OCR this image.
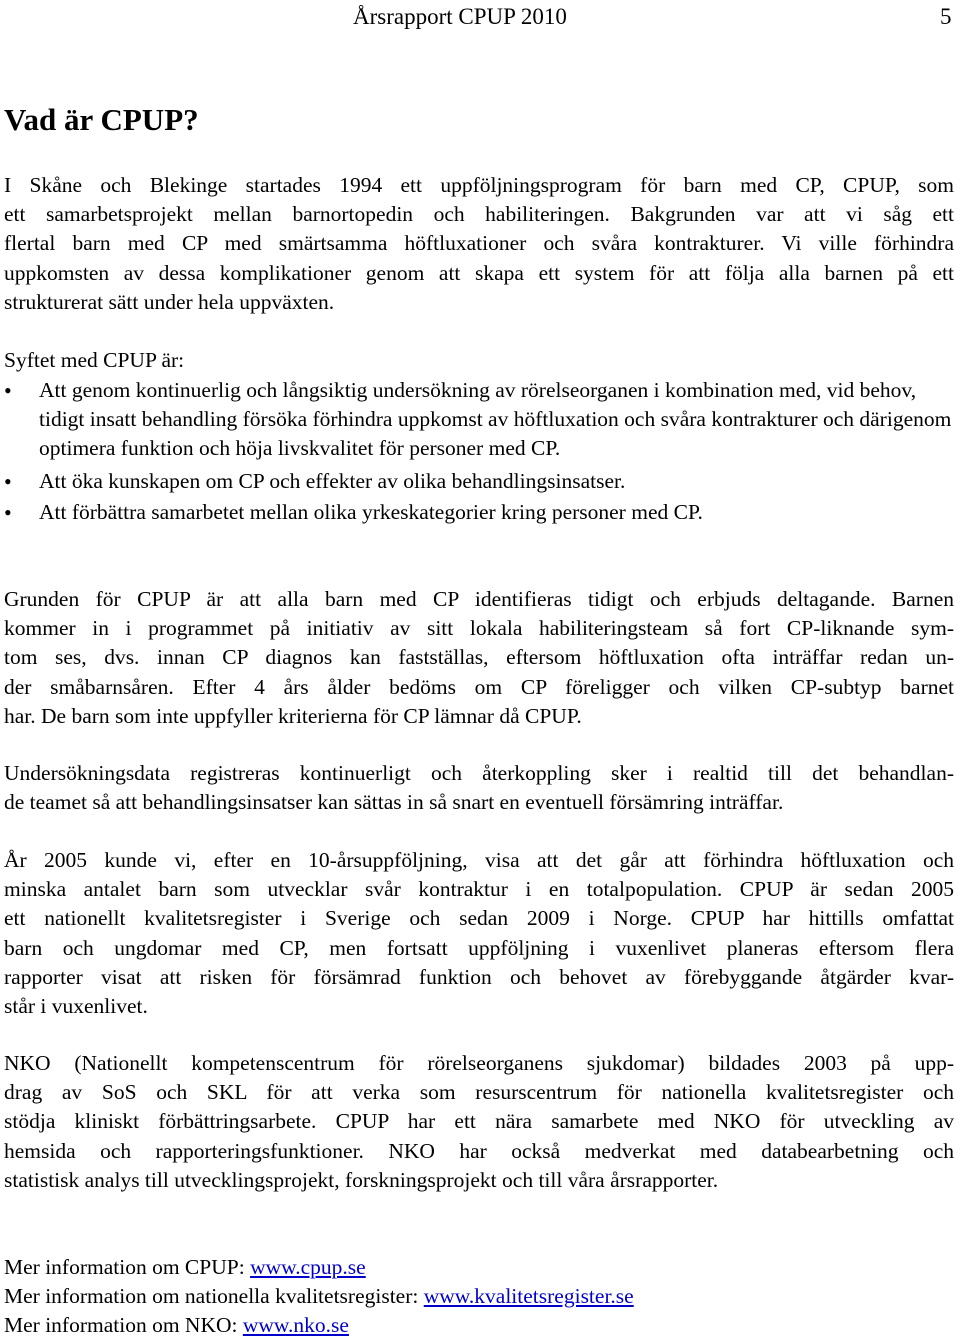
Årsrapport CPUP 2010	5
Vad är CPUP?
I Skåne och Blekinge startades 1994 ett uppföljningsprogram för barn med CP, CPUP, som
ett samarbetsprojekt mellan barnortopedin och habiliteringen. Bakgrunden var att vi såg ett
flertal barn med CP med smärtsamma höftluxationer och svåra kontrakturer. Vi ville förhindra
uppkomsten av dessa komplikationer genom att skapa ett system för att följa alla barnen på ett
strukturerat sätt under hela uppväxten.
Syftet med CPUP är:
• Att genom kontinuerlig och långsiktig undersökning av rörelseorganen i kombination med, vid behov, tidigt insatt behandling försöka förhindra uppkomst av höftluxation och svåra kontrakturer och därigenom optimera funktion och höja livskvalitet för personer med CP.
• Att öka kunskapen om CP och effekter av olika behandlingsinsatser.
• Att förbättra samarbetet mellan olika yrkeskategorier kring personer med CP.
Grunden för CPUP är att alla barn med CP identifieras tidigt och erbjuds deltagande. Barnen
kommer in i programmet på initiativ av sitt lokala habiliteringsteam så fort CP-liknande sym-
tom ses, dvs. innan CP diagnos kan fastställas, eftersom höftluxation ofta inträffar redan un-
der småbarnsåren. Efter 4 års ålder bedöms om CP föreligger och vilken CP-subtyp barnet
har. De barn som inte uppfyller kriterierna för CP lämnar då CPUP.
Undersökningsdata registreras kontinuerligt och återkoppling sker i realtid till det behandlan-
de teamet så att behandlingsinsatser kan sättas in så snart en eventuell försämring inträffar.
År 2005 kunde vi, efter en 10-årsuppföljning, visa att det går att förhindra höftluxation och
minska antalet barn som utvecklar svår kontraktur i en totalpopulation. CPUP är sedan 2005
ett nationellt kvalitetsregister i Sverige och sedan 2009 i Norge. CPUP har hittills omfattat
barn och ungdomar med CP, men fortsatt uppföljning i vuxenlivet planeras eftersom flera
rapporter visat att risken för försämrad funktion och behovet av förebyggande åtgärder kvar-
står i vuxenlivet.
NKO (Nationellt kompetenscentrum för rörelseorganens sjukdomar) bildades 2003 på upp-
drag av SoS och SKL för att verka som resurscentrum för nationella kvalitetsregister och
stödja kliniskt förbättringsarbete. CPUP har ett nära samarbete med NKO för utveckling av
hemsida och rapporteringsfunktioner. NKO har också medverkat med databearbetning och
statistisk analys till utvecklingsprojekt, forskningsprojekt och till våra årsrapporter.
Mer information om CPUP: www.cpup.se
Mer information om nationella kvalitetsregister: www.kvalitetsregister.se
Mer information om NKO: www.nko.se
